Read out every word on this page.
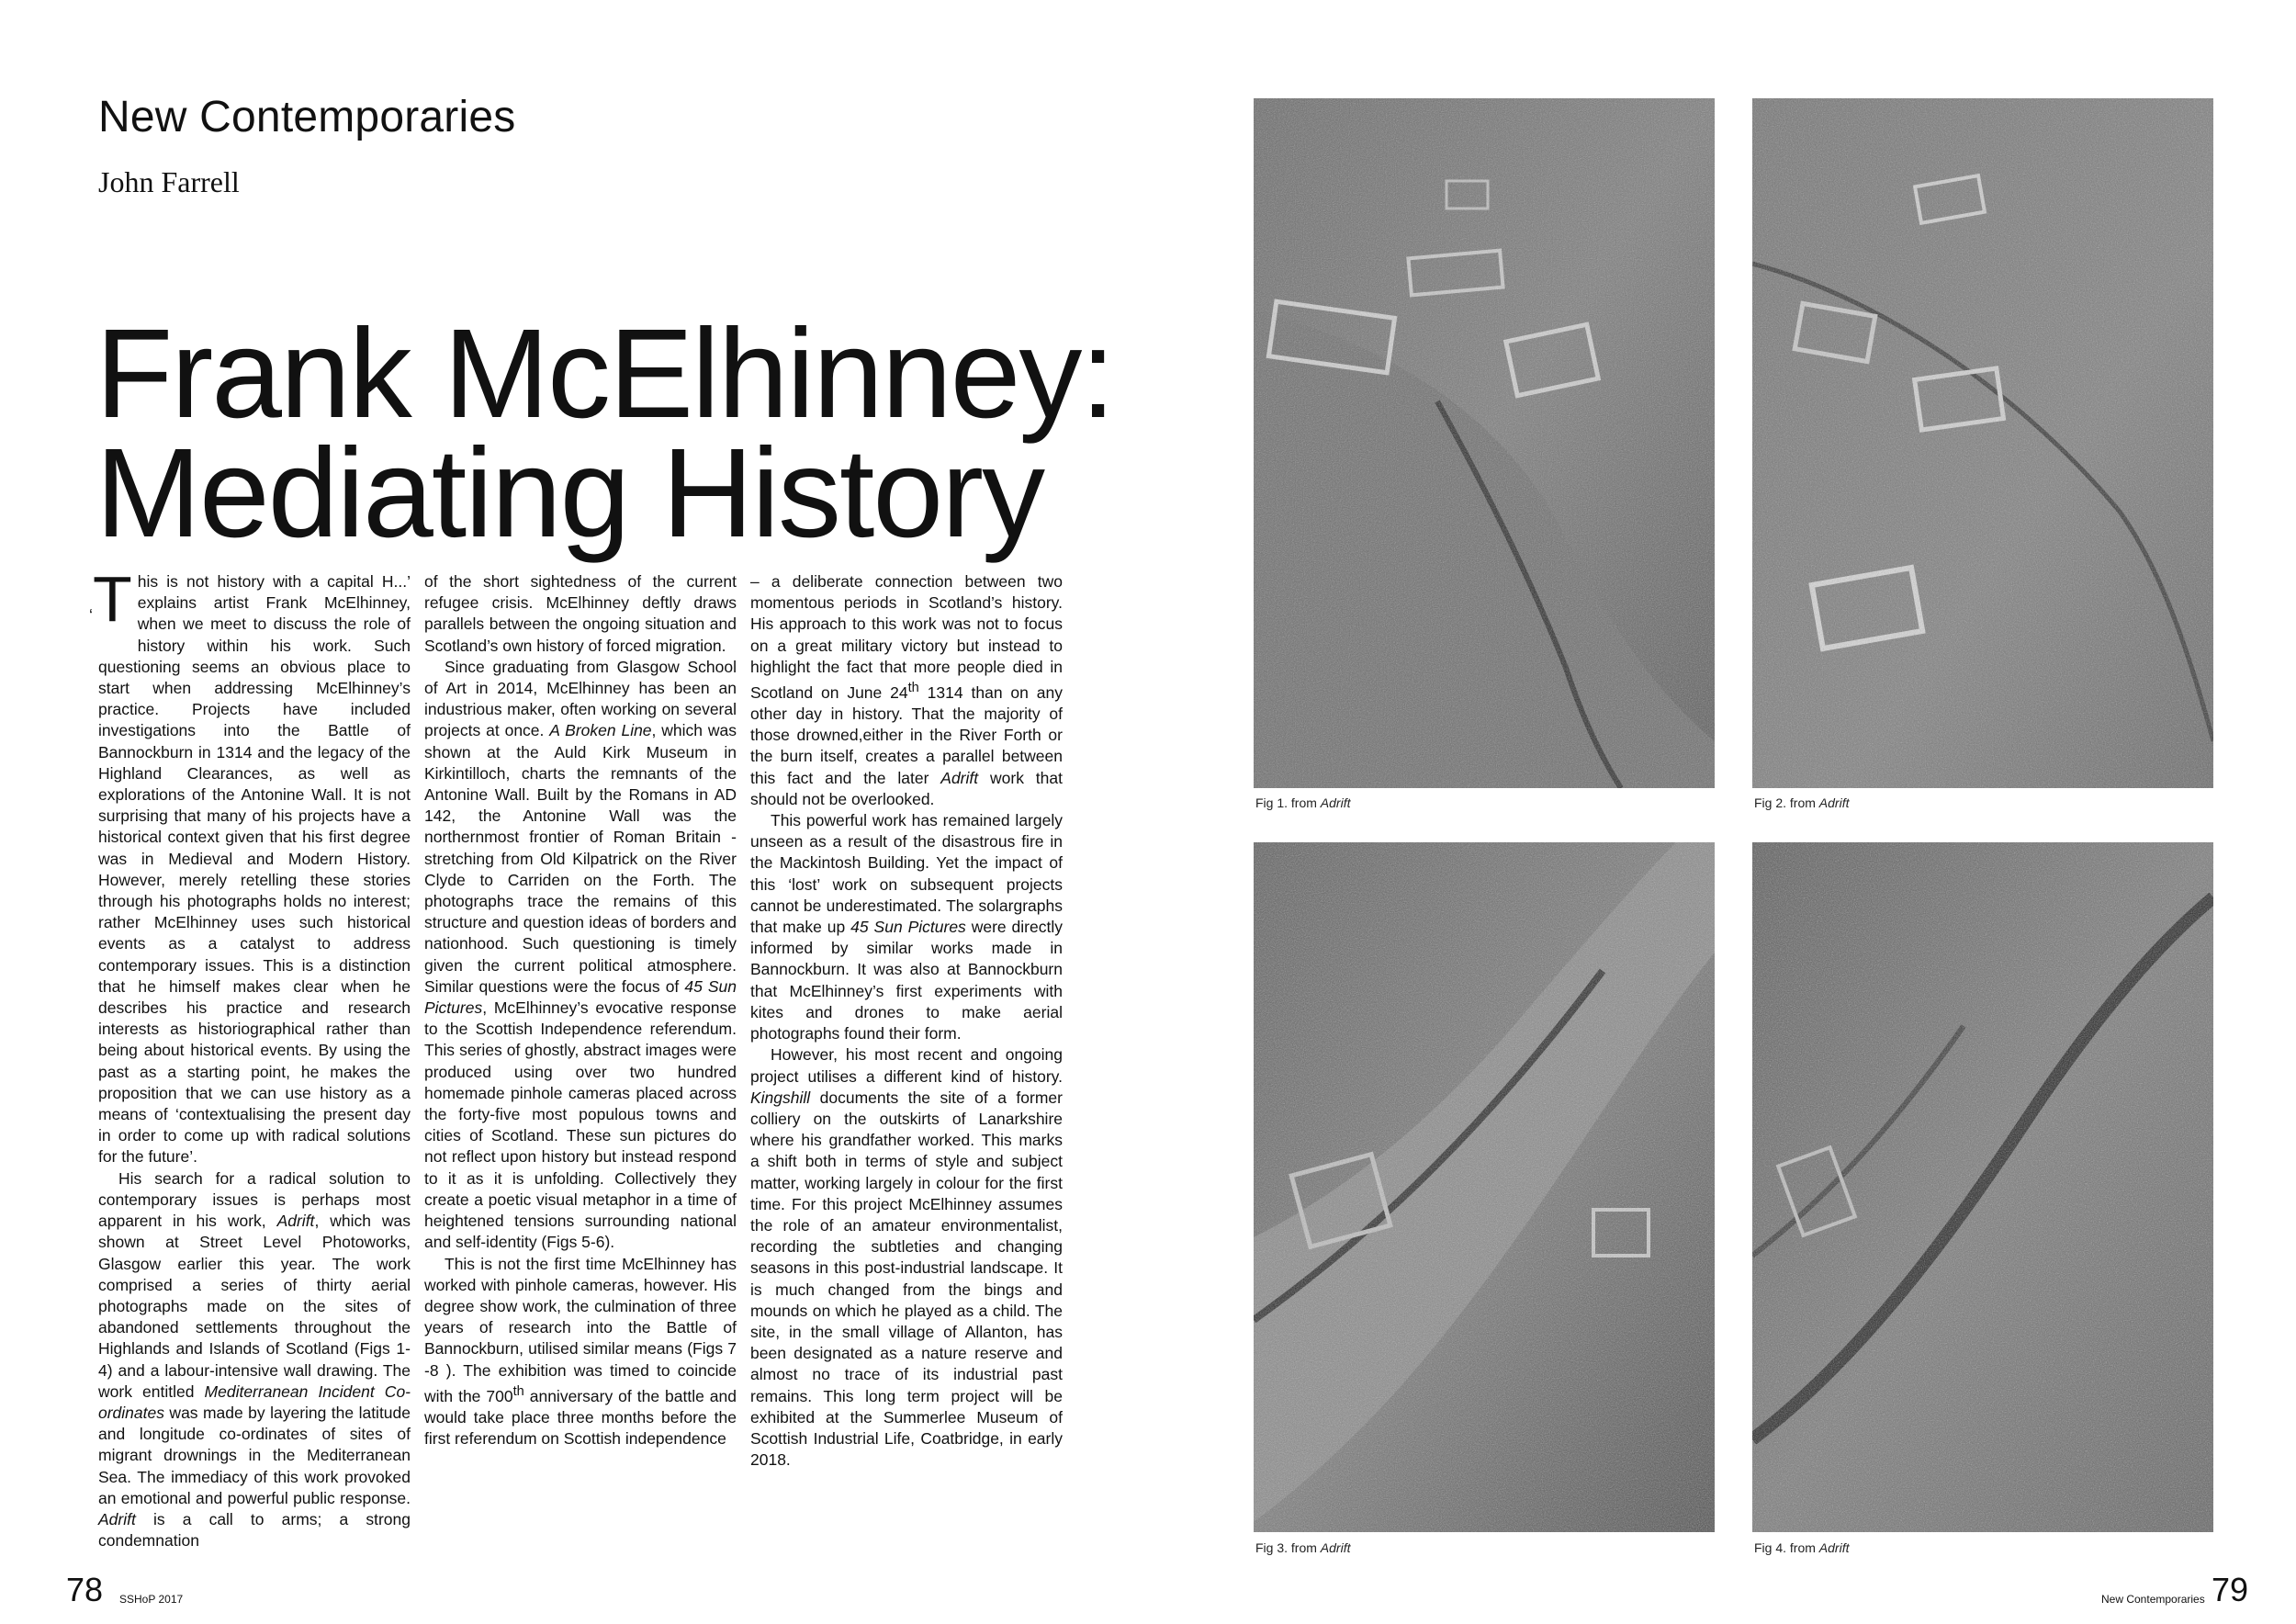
New Contemporaries
John Farrell
Frank McElhinney:
Mediating History

‘T his is not history with a capital H...’ explains artist Frank McElhinney, when we meet to discuss the role of history within his work. Such questioning seems an obvious place to start when addressing McElhinney’s practice. Projects have included investigations into the Battle of Bannockburn in 1314 and the legacy of the Highland Clearances, as well as explorations of the Antonine Wall. It is not surprising that many of his projects have a historical context given that his first degree was in Medieval and Modern History. However, merely retelling these stories through his photographs holds no interest; rather McElhinney uses such historical events as a catalyst to address contemporary issues. This is a distinction that he himself makes clear when he describes his practice and research interests as historiographical rather than being about historical events. By using the past as a starting point, he makes the proposition that we can use history as a means of ‘contextualising the present day in order to come up with radical solutions for the future’.

His search for a radical solution to contemporary issues is perhaps most apparent in his work, Adrift, which was shown at Street Level Photoworks, Glasgow earlier this year. The work comprised a series of thirty aerial photographs made on the sites of abandoned settlements throughout the Highlands and Islands of Scotland (Figs 1-4) and a labour-intensive wall drawing. The work entitled Mediterranean Incident Co-ordinates was made by layering the latitude and longitude co-ordinates of sites of migrant drownings in the Mediterranean Sea. The immediacy of this work provoked an emotional and powerful public response. Adrift is a call to arms; a strong condemnation

of the short sightedness of the current refugee crisis. McElhinney deftly draws parallels between the ongoing situation and Scotland’s own history of forced migration.

Since graduating from Glasgow School of Art in 2014, McElhinney has been an industrious maker, often working on several projects at once. A Broken Line, which was shown at the Auld Kirk Museum in Kirkintilloch, charts the remnants of the Antonine Wall. Built by the Romans in AD 142, the Antonine Wall was the northernmost frontier of Roman Britain - stretching from Old Kilpatrick on the River Clyde to Carriden on the Forth. The photographs trace the remains of this structure and question ideas of borders and nationhood. Such questioning is timely given the current political atmosphere. Similar questions were the focus of 45 Sun Pictures, McElhinney’s evocative response to the Scottish Independence referendum. This series of ghostly, abstract images were produced using over two hundred homemade pinhole cameras placed across the forty-five most populous towns and cities of Scotland. These sun pictures do not reflect upon history but instead respond to it as it is unfolding. Collectively they create a poetic visual metaphor in a time of heightened tensions surrounding national and self-identity (Figs 5-6).

This is not the first time McElhinney has worked with pinhole cameras, however. His degree show work, the culmination of three years of research into the Battle of Bannockburn, utilised similar means (Figs 7 -8 ). The exhibition was timed to coincide with the 700th anniversary of the battle and would take place three months before the first referendum on Scottish independence

– a deliberate connection between two momentous periods in Scotland’s history. His approach to this work was not to focus on a great military victory but instead to highlight the fact that more people died in Scotland on June 24th 1314 than on any other day in history. That the majority of those drowned,either in the River Forth or the burn itself, creates a parallel between this fact and the later Adrift work that should not be overlooked.

This powerful work has remained largely unseen as a result of the disastrous fire in the Mackintosh Building. Yet the impact of this ‘lost’ work on subsequent projects cannot be underestimated. The solargraphs that make up 45 Sun Pictures were directly informed by similar works made in Bannockburn. It was also at Bannockburn that McElhinney’s first experiments with kites and drones to make aerial photographs found their form.

However, his most recent and ongoing project utilises a different kind of history. Kingshill documents the site of a former colliery on the outskirts of Lanarkshire where his grandfather worked. This marks a shift both in terms of style and subject matter, working largely in colour for the first time. For this project McElhinney assumes the role of an amateur environmentalist, recording the subtleties and changing seasons in this post-industrial landscape. It is much changed from the bings and mounds on which he played as a child. The site, in the small village of Allanton, has been designated as a nature reserve and almost no trace of its industrial past remains. This long term project will be exhibited at the Summerlee Museum of Scottish Industrial Life, Coatbridge, in early 2018.

Fig 1. from Adrift	Fig 2. from Adrift
Fig 3. from Adrift	Fig 4. from Adrift
78 SSHoP 2017	New Contemporaries 79
